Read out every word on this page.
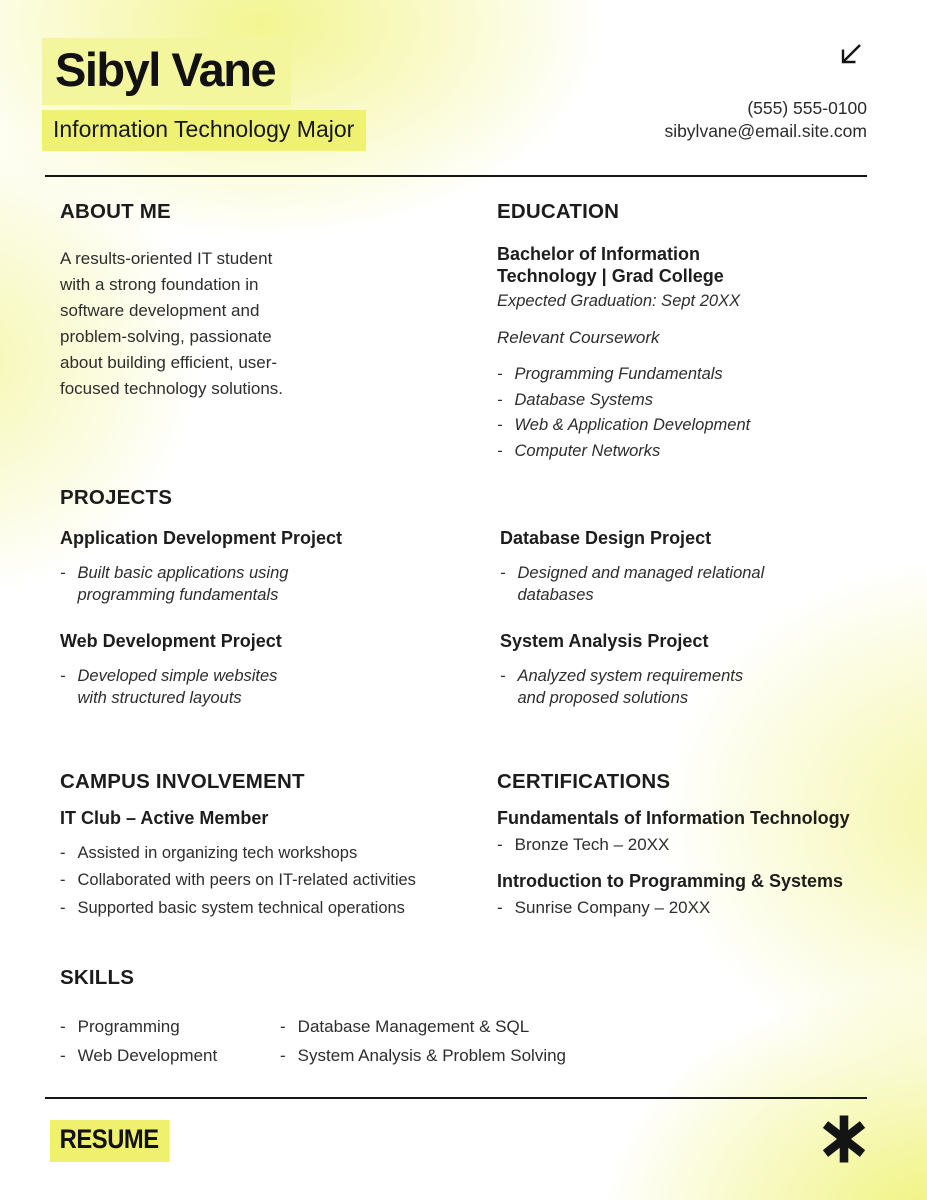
Sibyl Vane
Information Technology Major
(555) 555-0100
sibylvane@email.site.com
ABOUT ME

A results-oriented IT student with a strong foundation in software development and problem-solving, passionate about building efficient, user-focused technology solutions.

EDUCATION
Bachelor of Information Technology | Grad College
Expected Graduation: Sept 20XX
Relevant Coursework
- Programming Fundamentals
- Database Systems
- Web & Application Development
- Computer Networks
PROJECTS
Application Development Project
- Built basic applications using programming fundamentals
Database Design Project
- Designed and managed relational databases
Web Development Project
- Developed simple websites with structured layouts
System Analysis Project
- Analyzed system requirements and proposed solutions
CAMPUS INVOLVEMENT
IT Club – Active Member
- Assisted in organizing tech workshops
- Collaborated with peers on IT-related activities
- Supported basic system technical operations
CERTIFICATIONS
Fundamentals of Information Technology
- Bronze Tech – 20XX
Introduction to Programming & Systems
- Sunrise Company – 20XX
SKILLS
- Programming
- Web Development
- Database Management & SQL
- System Analysis & Problem Solving
RESUME
